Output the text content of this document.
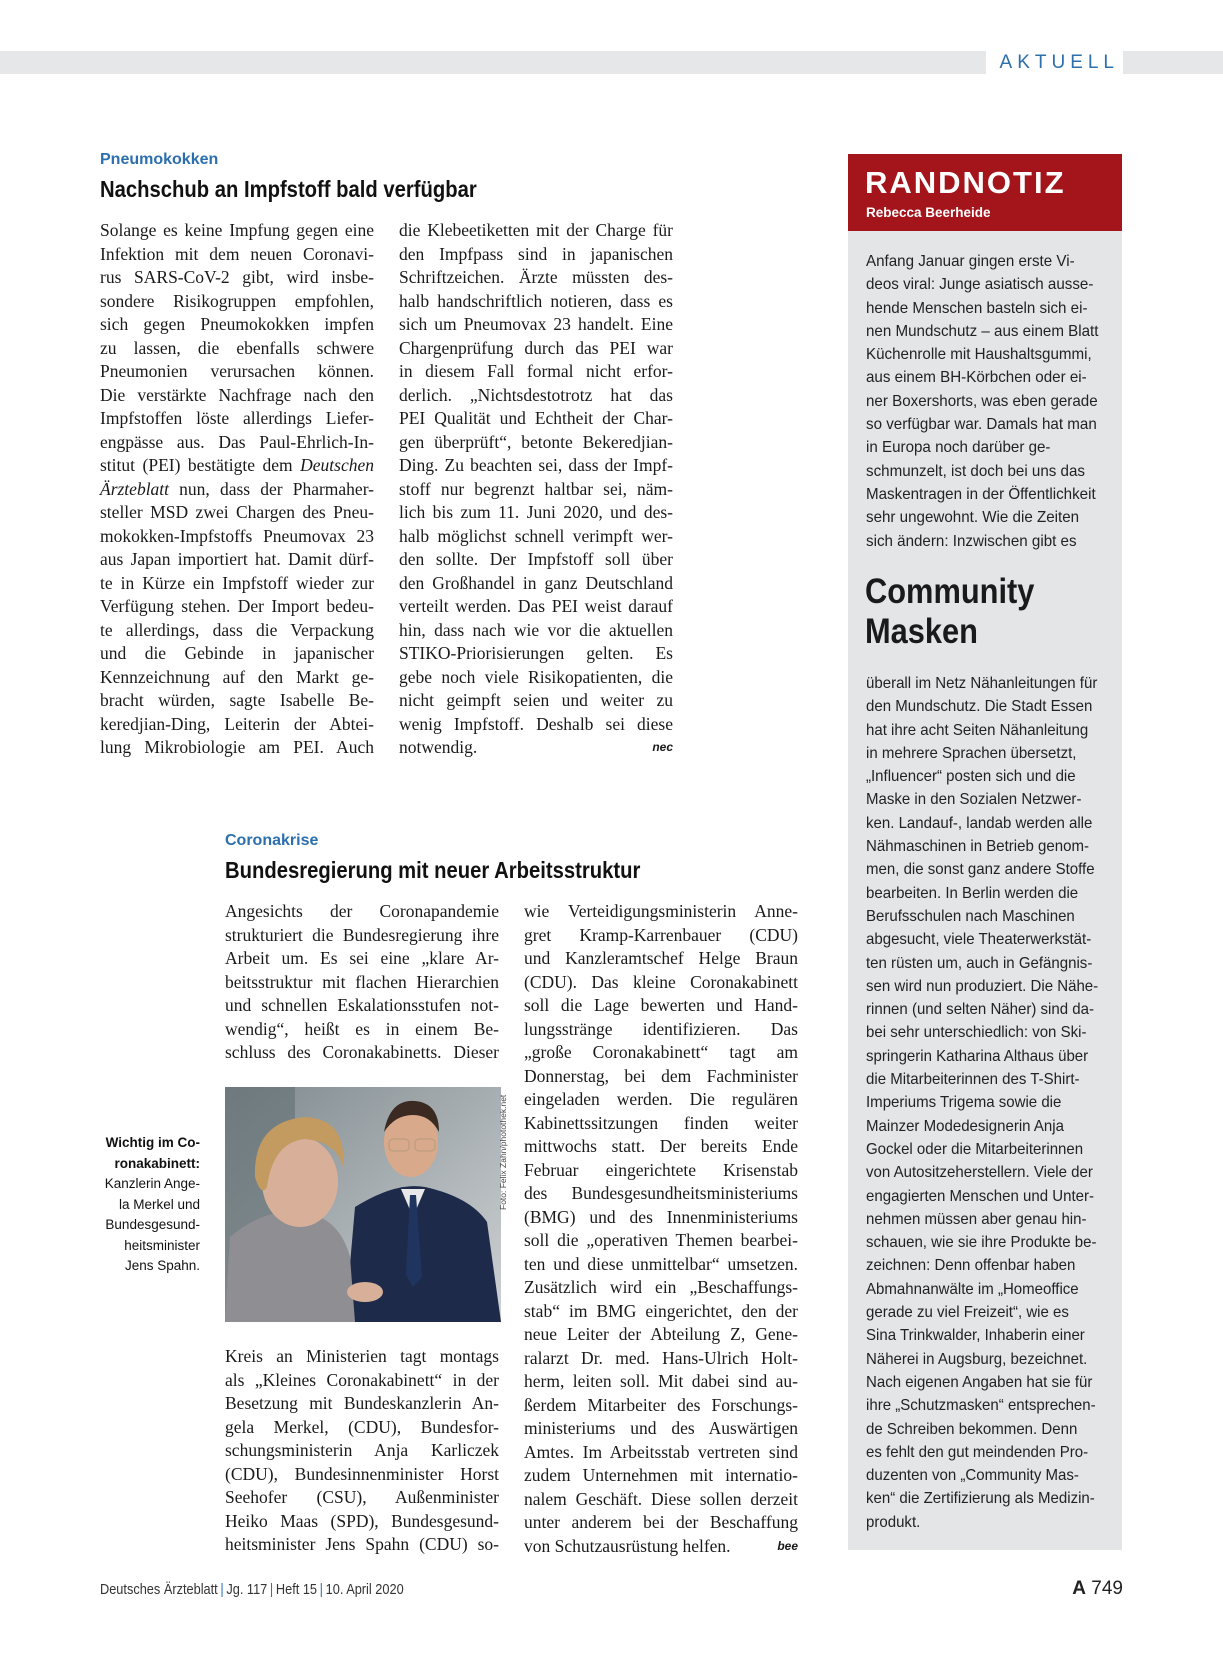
AKTUELL
Pneumokokken
Nachschub an Impfstoff bald verfügbar
Solange es keine Impfung gegen eine
Infektion mit dem neuen Coronavi-
rus SARS-CoV-2 gibt, wird insbe-
sondere Risikogruppen empfohlen,
sich gegen Pneumokokken impfen
zu lassen, die ebenfalls schwere
Pneumonien verursachen können.
Die verstärkte Nachfrage nach den
Impfstoffen löste allerdings Liefer-
engpässe aus. Das Paul-Ehrlich-In-
stitut (PEI) bestätigte dem Deutschen
Ärzteblatt nun, dass der Pharmaher-
steller MSD zwei Chargen des Pneu-
mokokken-Impfstoffs Pneumovax 23
aus Japan importiert hat. Damit dürf-
te in Kürze ein Impfstoff wieder zur
Verfügung stehen. Der Import bedeu-
te allerdings, dass die Verpackung
und die Gebinde in japanischer
Kennzeichnung auf den Markt ge-
bracht würden, sagte Isabelle Be-
keredjian-Ding, Leiterin der Abtei-
lung Mikrobiologie am PEI. Auch
die Klebeetiketten mit der Charge für
den Impfpass sind in japanischen
Schriftzeichen. Ärzte müssten des-
halb handschriftlich notieren, dass es
sich um Pneumovax 23 handelt. Eine
Chargenprüfung durch das PEI war
in diesem Fall formal nicht erfor-
derlich. „Nichtsdestotrotz hat das
PEI Qualität und Echtheit der Char-
gen überprüft“, betonte Bekeredjian-
Ding. Zu beachten sei, dass der Impf-
stoff nur begrenzt haltbar sei, näm-
lich bis zum 11. Juni 2020, und des-
halb möglichst schnell verimpft wer-
den sollte. Der Impfstoff soll über
den Großhandel in ganz Deutschland
verteilt werden. Das PEI weist darauf
hin, dass nach wie vor die aktuellen
STIKO-Priorisierungen gelten. Es
gebe noch viele Risikopatienten, die
nicht geimpft seien und weiter zu
wenig Impfstoff. Deshalb sei diese
notwendig.	nec
Coronakrise
Bundesregierung mit neuer Arbeitsstruktur
Angesichts der Coronapandemie
strukturiert die Bundesregierung ihre
Arbeit um. Es sei eine „klare Ar-
beitsstruktur mit flachen Hierarchien
und schnellen Eskalationsstufen not-
wendig“, heißt es in einem Be-
schluss des Coronakabinetts. Dieser
Foto: Felix Zahn/photothek.net
Wichtig im Co-
ronakabinett:
Kanzlerin Ange-
la Merkel und
Bundesgesund-
heitsminister
Jens Spahn.
Kreis an Ministerien tagt montags
als „Kleines Coronakabinett“ in der
Besetzung mit Bundeskanzlerin An-
gela Merkel, (CDU), Bundesfor-
schungsministerin Anja Karliczek
(CDU), Bundesinnenminister Horst
Seehofer (CSU), Außenminister
Heiko Maas (SPD), Bundesgesund-
heitsminister Jens Spahn (CDU) so-
wie Verteidigungsministerin Anne-
gret Kramp-Karrenbauer (CDU)
und Kanzleramtschef Helge Braun
(CDU). Das kleine Coronakabinett
soll die Lage bewerten und Hand-
lungsstränge identifizieren. Das
„große Coronakabinett“ tagt am
Donnerstag, bei dem Fachminister
eingeladen werden. Die regulären
Kabinettssitzungen finden weiter
mittwochs statt. Der bereits Ende
Februar eingerichtete Krisenstab
des Bundesgesundheitsministeriums
(BMG) und des Innenministeriums
soll die „operativen Themen bearbei-
ten und diese unmittelbar“ umsetzen.
Zusätzlich wird ein „Beschaffungs-
stab“ im BMG eingerichtet, den der
neue Leiter der Abteilung Z, Gene-
ralarzt Dr. med. Hans-Ulrich Holt-
herm, leiten soll. Mit dabei sind au-
ßerdem Mitarbeiter des Forschungs-
ministeriums und des Auswärtigen
Amtes. Im Arbeitsstab vertreten sind
zudem Unternehmen mit internatio-
nalem Geschäft. Diese sollen derzeit
unter anderem bei der Beschaffung
von Schutzausrüstung helfen.	bee
RANDNOTIZ
Rebecca Beerheide
Anfang Januar gingen erste Vi-
deos viral: Junge asiatisch ausse-
hende Menschen basteln sich ei-
nen Mundschutz – aus einem Blatt
Küchenrolle mit Haushaltsgummi,
aus einem BH-Körbchen oder ei-
ner Boxershorts, was eben gerade
so verfügbar war. Damals hat man
in Europa noch darüber ge-
schmunzelt, ist doch bei uns das
Maskentragen in der Öffentlichkeit
sehr ungewohnt. Wie die Zeiten
sich ändern: Inzwischen gibt es
Community
Masken
überall im Netz Nähanleitungen für
den Mundschutz. Die Stadt Essen
hat ihre acht Seiten Nähanleitung
in mehrere Sprachen übersetzt,
„Influencer“ posten sich und die
Maske in den Sozialen Netzwer-
ken. Landauf-, landab werden alle
Nähmaschinen in Betrieb genom-
men, die sonst ganz andere Stoffe
bearbeiten. In Berlin werden die
Berufsschulen nach Maschinen
abgesucht, viele Theaterwerkstät-
ten rüsten um, auch in Gefängnis-
sen wird nun produziert. Die Nähe-
rinnen (und selten Näher) sind da-
bei sehr unterschiedlich: von Ski-
springerin Katharina Althaus über
die Mitarbeiterinnen des T-Shirt-
Imperiums Trigema sowie die
Mainzer Modedesignerin Anja
Gockel oder die Mitarbeiterinnen
von Autositzeherstellern. Viele der
engagierten Menschen und Unter-
nehmen müssen aber genau hin-
schauen, wie sie ihre Produkte be-
zeichnen: Denn offenbar haben
Abmahnanwälte im „Homeoffice
gerade zu viel Freizeit“, wie es
Sina Trinkwalder, Inhaberin einer
Näherei in Augsburg, bezeichnet.
Nach eigenen Angaben hat sie für
ihre „Schutzmasken“ entsprechen-
de Schreiben bekommen. Denn
es fehlt den gut meindenden Pro-
duzenten von „Community Mas-
ken“ die Zertifizierung als Medizin-
produkt.
Deutsches Ärzteblatt | Jg. 117 | Heft 15 | 10. April 2020	A 749
